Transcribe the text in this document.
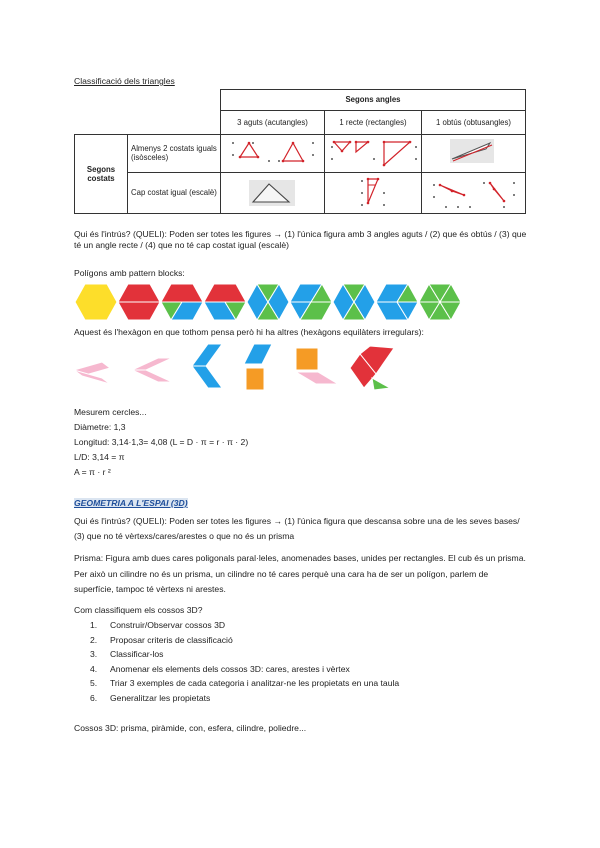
Classificació dels triangles
		Segons angles		
		3 aguts (acutangles)	1 recte (rectangles)	1 obtús (obtusangles)
Segons costats	Almenys 2 costats iguals (isòsceles)			
	Cap costat igual (escalè)			
Qui és l'intrús? (QUELI): Poden ser totes les figures → (1) l'única figura amb 3 angles aguts / (2) que és obtús / (3) que té un angle recte / (4) que no té cap costat igual (escalè)
Polígons amb pattern blocks:
Aquest és l'hexàgon en que tothom pensa però hi ha altres (hexàgons equilàters irregulars):
Mesurem cercles...
Diàmetre: 1,3
Longitud: 3,14·1,3= 4,08 (L = D · π = r · π · 2)
L/D: 3,14 = π
A = π · r ²
GEOMETRIA A L'ESPAI (3D)
Qui és l'intrús? (QUELI): Poden ser totes les figures → (1) l'única figura que descansa sobre una de les seves bases/ (3) que no té vèrtexs/cares/arestes o que no és un prisma
Prisma: Figura amb dues cares poligonals paral·leles, anomenades bases, unides per rectangles. El cub és un prisma. Per això un cilindre no és un prisma, un cilindre no té cares perquè una cara ha de ser un polígon, parlem de superfície, tampoc té vèrtexs ni arestes.
Com classifiquem els cossos 3D?
1. Construir/Observar cossos 3D
2. Proposar criteris de classificació
3. Classificar-los
4. Anomenar els elements dels cossos 3D: cares, arestes i vèrtex
5. Triar 3 exemples de cada categoria i analitzar-ne les propietats en una taula
6. Generalitzar les propietats
Cossos 3D: prisma, piràmide, con, esfera, cilindre, poliedre...
